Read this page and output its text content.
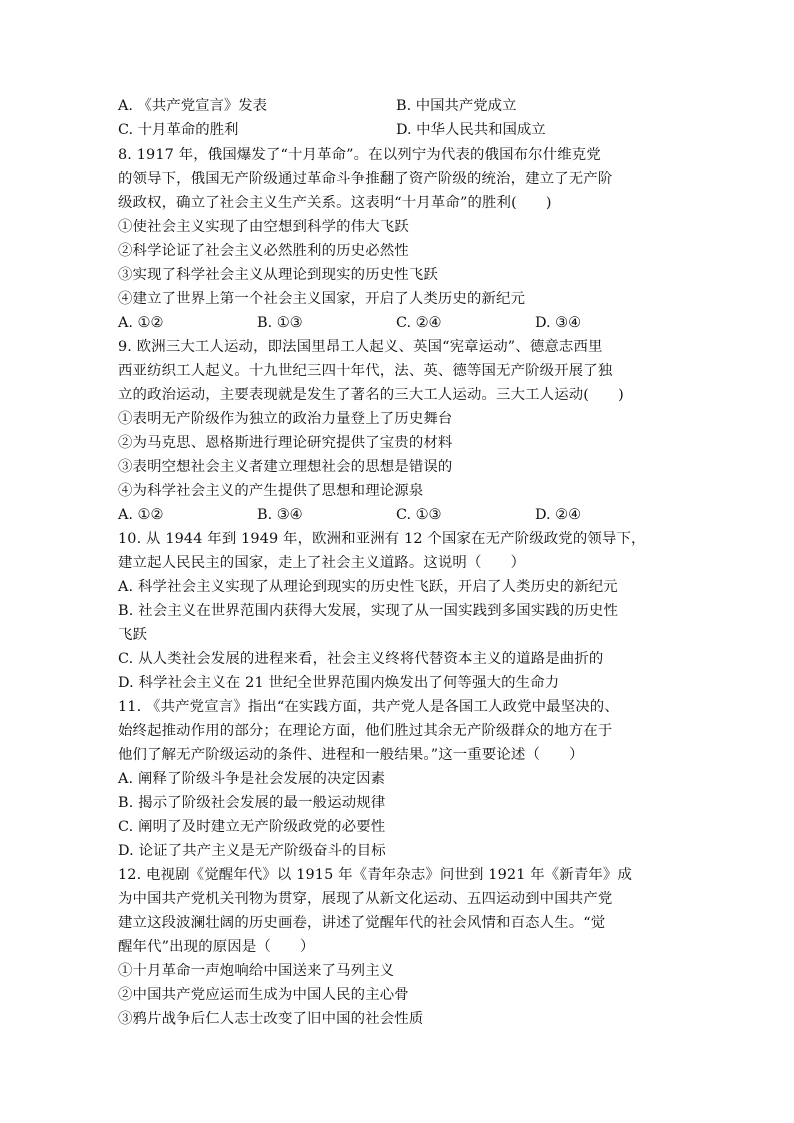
A. 《共产党宣言》发表	B. 中国共产党成立
C. 十月革命的胜利	D. 中华人民共和国成立
8. 1917 年，俄国爆发了“十月革命”。在以列宁为代表的俄国布尔什维克党
的领导下，俄国无产阶级通过革命斗争推翻了资产阶级的统治，建立了无产阶
级政权，确立了社会主义生产关系。这表明“十月革命”的胜利(　　)
①使社会主义实现了由空想到科学的伟大飞跃
②科学论证了社会主义必然胜利的历史必然性
③实现了科学社会主义从理论到现实的历史性飞跃
④建立了世界上第一个社会主义国家，开启了人类历史的新纪元
A. ①②	B. ①③	C. ②④	D. ③④
9. 欧洲三大工人运动，即法国里昂工人起义、英国“宪章运动”、德意志西里
西亚纺织工人起义。十九世纪三四十年代，法、英、德等国无产阶级开展了独
立的政治运动，主要表现就是发生了著名的三大工人运动。三大工人运动(　　)
①表明无产阶级作为独立的政治力量登上了历史舞台
②为马克思、恩格斯进行理论研究提供了宝贵的材料
③表明空想社会主义者建立理想社会的思想是错误的
④为科学社会主义的产生提供了思想和理论源泉
A. ①②	B. ③④	C. ①③	D. ②④
10. 从 1944 年到 1949 年，欧洲和亚洲有 12 个国家在无产阶级政党的领导下，
建立起人民民主的国家，走上了社会主义道路。这说明（　　）
A. 科学社会主义实现了从理论到现实的历史性飞跃，开启了人类历史的新纪元
B. 社会主义在世界范围内获得大发展，实现了从一国实践到多国实践的历史性
飞跃
C. 从人类社会发展的进程来看，社会主义终将代替资本主义的道路是曲折的
D. 科学社会主义在 21 世纪全世界范围内焕发出了何等强大的生命力
11. 《共产党宣言》指出“在实践方面，共产党人是各国工人政党中最坚决的、
始终起推动作用的部分；在理论方面，他们胜过其余无产阶级群众的地方在于
他们了解无产阶级运动的条件、进程和一般结果。”这一重要论述（　　）
A. 阐释了阶级斗争是社会发展的决定因素
B. 揭示了阶级社会发展的最一般运动规律
C. 阐明了及时建立无产阶级政党的必要性
D. 论证了共产主义是无产阶级奋斗的目标
12. 电视剧《觉醒年代》以 1915 年《青年杂志》问世到 1921 年《新青年》成
为中国共产党机关刊物为贯穿，展现了从新文化运动、五四运动到中国共产党
建立这段波澜壮阔的历史画卷，讲述了觉醒年代的社会风情和百态人生。“觉
醒年代”出现的原因是（　　）
①十月革命一声炮响给中国送来了马列主义
②中国共产党应运而生成为中国人民的主心骨
③鸦片战争后仁人志士改变了旧中国的社会性质
